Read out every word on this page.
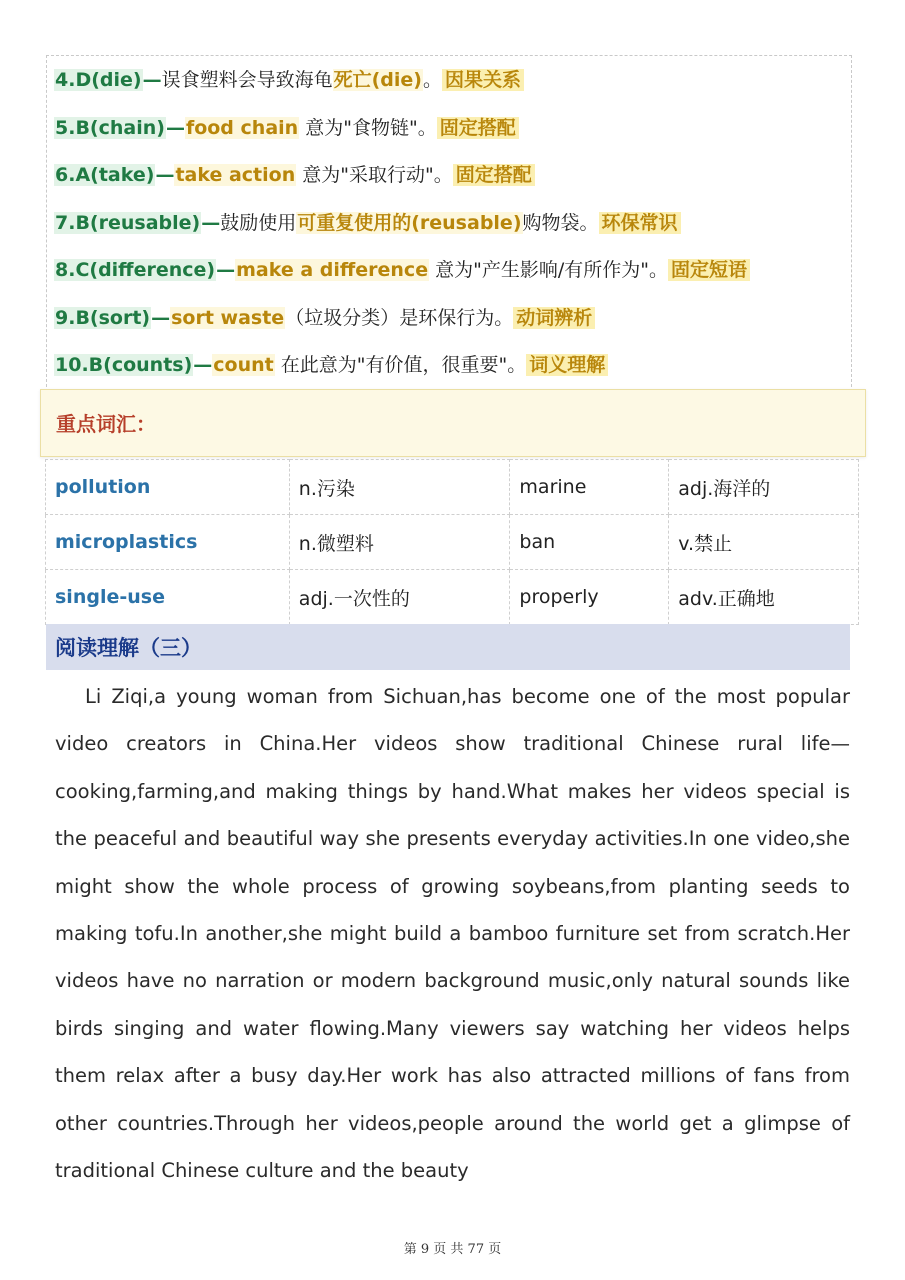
4.D(die)—误食塑料会导致海龟死亡(die)。 因果关系
5.B(chain)—food chain 意为"食物链"。 固定搭配
6.A(take)—take action 意为"采取行动"。 固定搭配
7.B(reusable)—鼓励使用可重复使用的(reusable)购物袋。 环保常识
8.C(difference)—make a difference 意为"产生影响/有所作为"。 固定短语
9.B(sort)—sort waste（垃圾分类）是环保行为。 动词辨析
10.B(counts)—count 在此意为"有价值，很重要"。 词义理解
重点词汇：
pollution	n.污染	marine	adj.海洋的
microplastics	n.微塑料	ban	v.禁止
single-use	adj.一次性的	properly	adv.正确地
阅读理解（三）

Li Ziqi,a young woman from Sichuan,has become one of the most popular video creators in China.Her videos show traditional Chinese rural life—cooking,farming,and making things by hand.What makes her videos special is the peaceful and beautiful way she presents everyday activities.In one video,she might show the whole process of growing soybeans,from planting seeds to making tofu.In another,she might build a bamboo furniture set from scratch.Her videos have no narration or modern background music,only natural sounds like birds singing and water flowing.Many viewers say watching her videos helps them relax after a busy day.Her work has also attracted millions of fans from other countries.Through her videos,people around the world get a glimpse of traditional Chinese culture and the beauty

第 9 页 共 77 页
